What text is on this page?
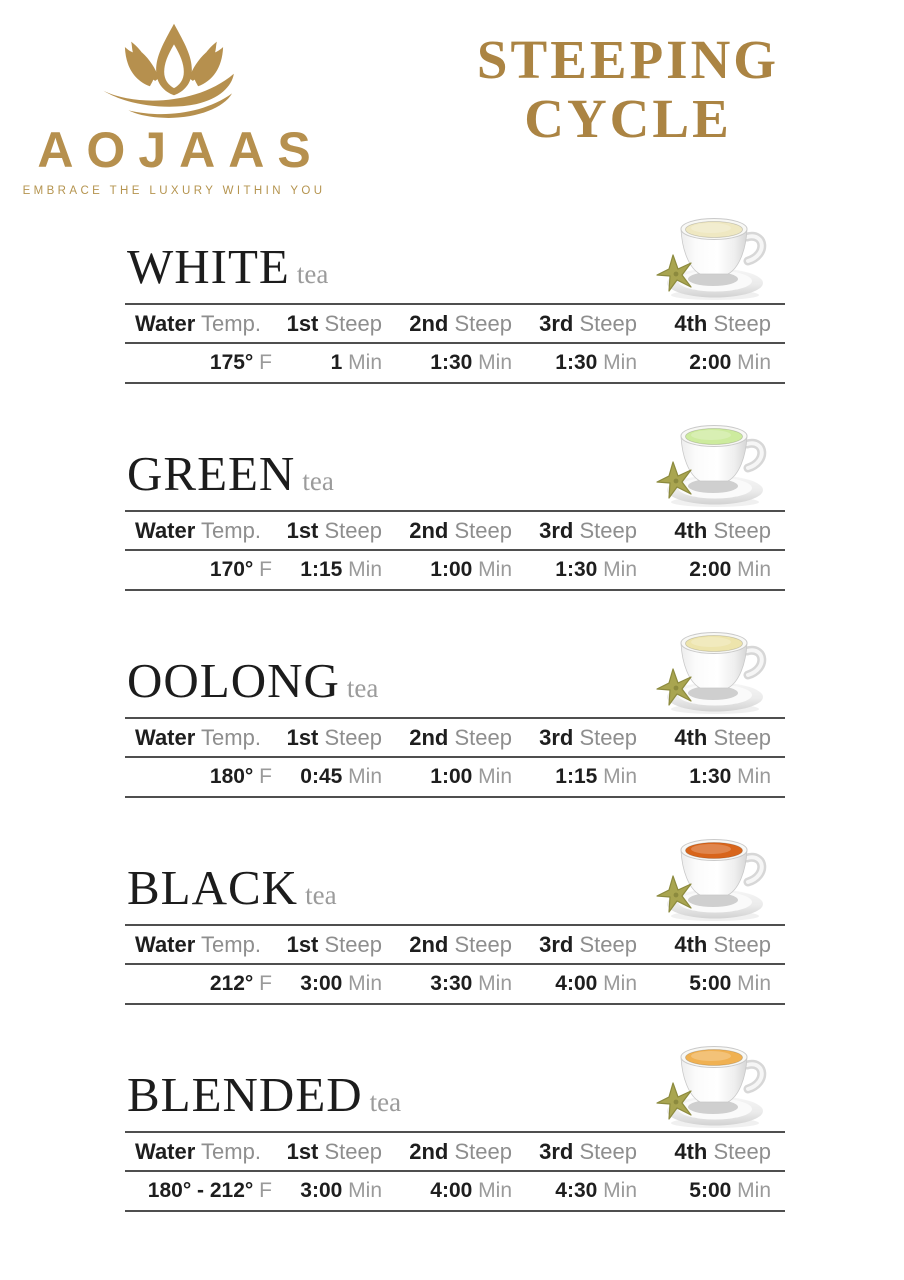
AOJAAS
EMBRACE THE LUXURY WITHIN YOU
STEEPING
CYCLE
WHITE tea
Water Temp.	1st Steep	2nd Steep	3rd Steep	4th Steep
175° F	1 Min	1:30 Min	1:30 Min	2:00 Min
GREEN tea
Water Temp.	1st Steep	2nd Steep	3rd Steep	4th Steep
170° F	1:15 Min	1:00 Min	1:30 Min	2:00 Min
OOLONG tea
Water Temp.	1st Steep	2nd Steep	3rd Steep	4th Steep
180° F	0:45 Min	1:00 Min	1:15 Min	1:30 Min
BLACK tea
Water Temp.	1st Steep	2nd Steep	3rd Steep	4th Steep
212° F	3:00 Min	3:30 Min	4:00 Min	5:00 Min
BLENDED tea
Water Temp.	1st Steep	2nd Steep	3rd Steep	4th Steep
180° - 212° F	3:00 Min	4:00 Min	4:30 Min	5:00 Min
